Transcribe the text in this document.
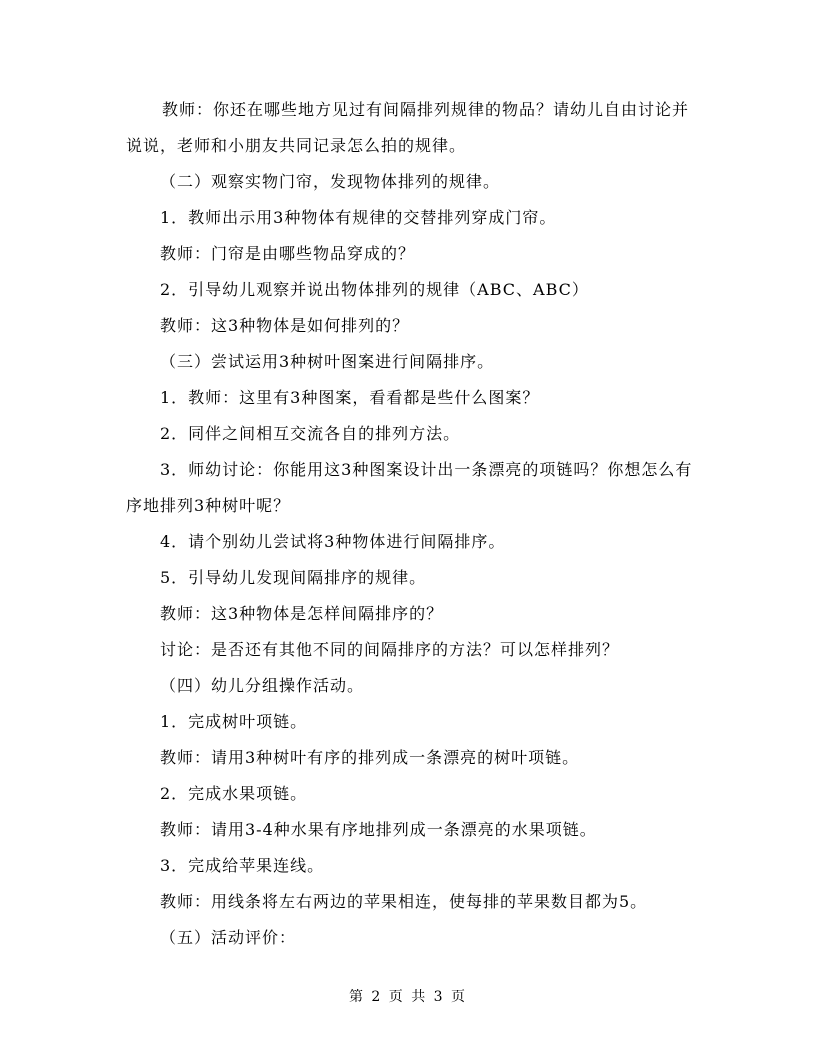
教师：你还在哪些地方见过有间隔排列规律的物品？请幼儿自由讨论并说说，老师和小朋友共同记录怎么拍的规律。

（二）观察实物门帘，发现物体排列的规律。

1．教师出示用3种物体有规律的交替排列穿成门帘。

教师：门帘是由哪些物品穿成的？

2．引导幼儿观察并说出物体排列的规律（ABC、ABC）

教师：这3种物体是如何排列的？

（三）尝试运用3种树叶图案进行间隔排序。

1．教师：这里有3种图案，看看都是些什么图案？

2．同伴之间相互交流各自的排列方法。

3．师幼讨论：你能用这3种图案设计出一条漂亮的项链吗？你想怎么有序地排列3种树叶呢？

4．请个别幼儿尝试将3种物体进行间隔排序。

5．引导幼儿发现间隔排序的规律。

教师：这3种物体是怎样间隔排序的？

讨论：是否还有其他不同的间隔排序的方法？可以怎样排列？

（四）幼儿分组操作活动。

1．完成树叶项链。

教师：请用3种树叶有序的排列成一条漂亮的树叶项链。

2．完成水果项链。

教师：请用3-4种水果有序地排列成一条漂亮的水果项链。

3．完成给苹果连线。

教师：用线条将左右两边的苹果相连，使每排的苹果数目都为5。

（五）活动评价：

第 2 页 共 3 页
